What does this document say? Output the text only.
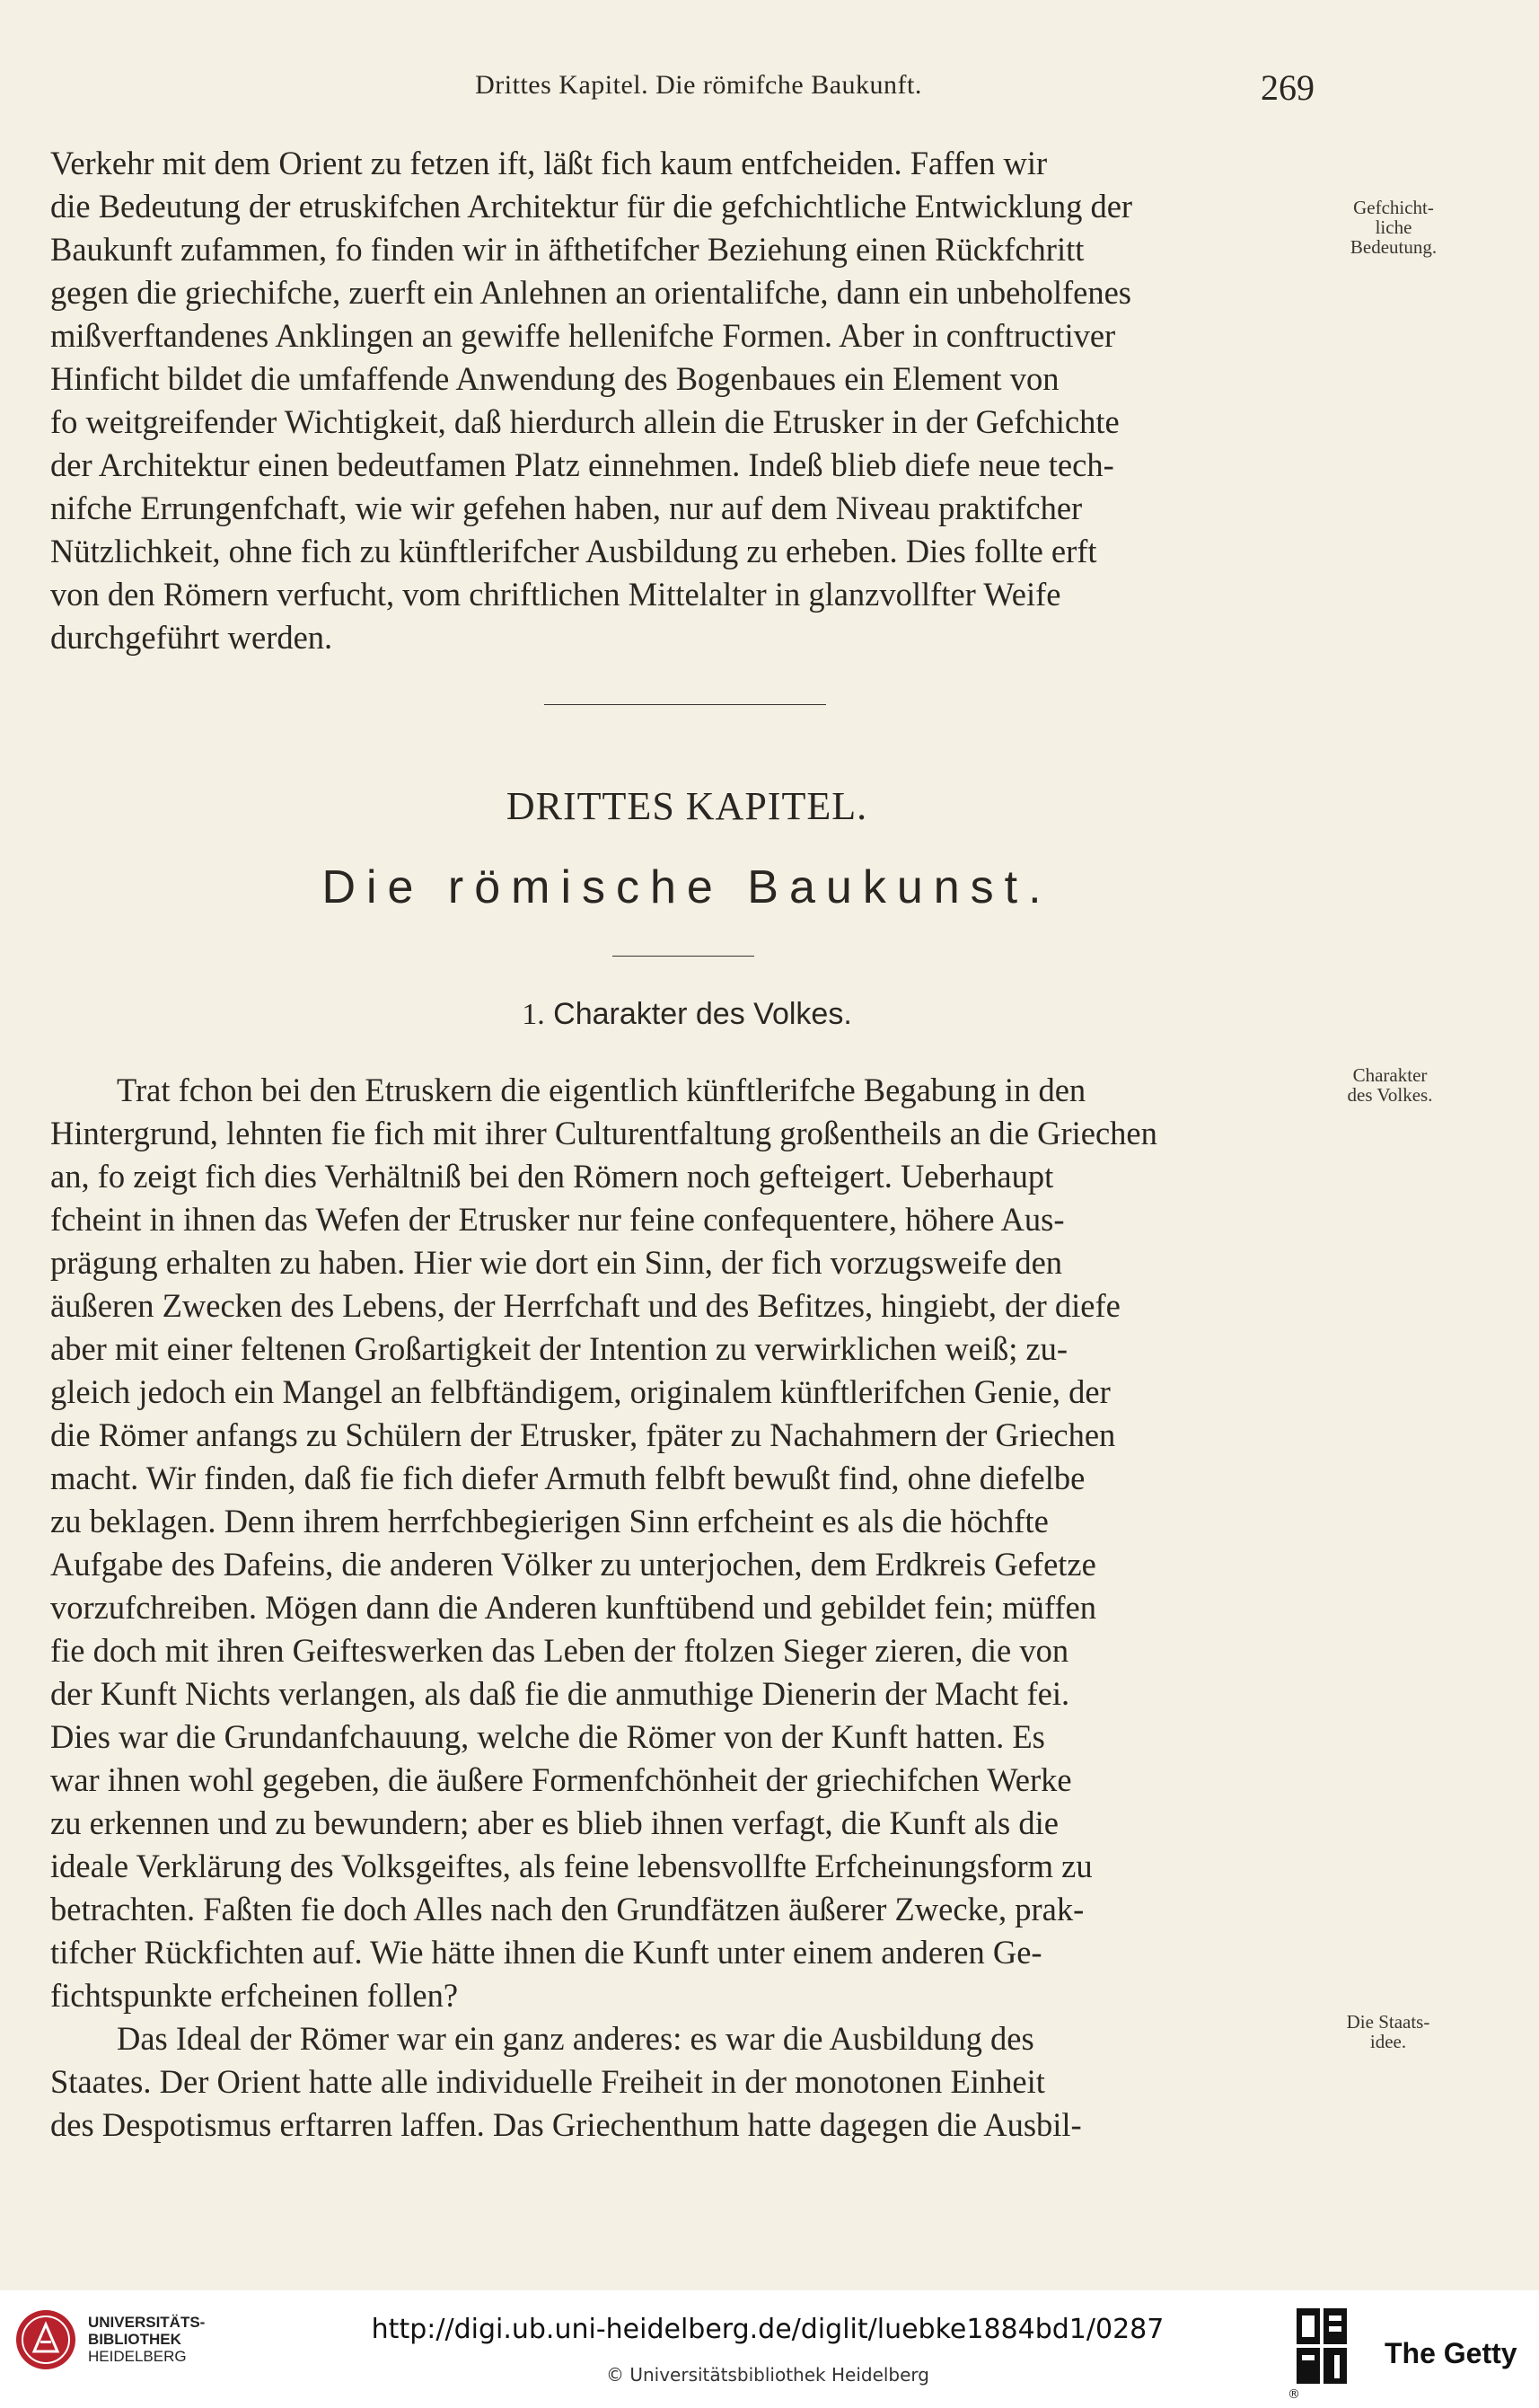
Drittes Kapitel. Die römifche Baukunft.	269
Verkehr mit dem Orient zu fetzen ift, läßt fich kaum entfcheiden. Faffen wir
die Bedeutung der etruskifchen Architektur für die gefchichtliche Entwicklung der
Baukunft zufammen, fo finden wir in äfthetifcher Beziehung einen Rückfchritt
gegen die griechifche, zuerft ein Anlehnen an orientalifche, dann ein unbeholfenes
mißverftandenes Anklingen an gewiffe hellenifche Formen. Aber in conftructiver
Hinficht bildet die umfaffende Anwendung des Bogenbaues ein Element von
fo weitgreifender Wichtigkeit, daß hierdurch allein die Etrusker in der Gefchichte
der Architektur einen bedeutfamen Platz einnehmen. Indeß blieb diefe neue tech-
nifche Errungenfchaft, wie wir gefehen haben, nur auf dem Niveau praktifcher
Nützlichkeit, ohne fich zu künftlerifcher Ausbildung zu erheben. Dies follte erft
von den Römern verfucht, vom chriftlichen Mittelalter in glanzvollfter Weife
durchgeführt werden.
Gefchicht-
liche
Bedeutung.
DRITTES KAPITEL.
Die römische Baukunst.
1. Charakter des Volkes.
Trat fchon bei den Etruskern die eigentlich künftlerifche Begabung in den
Hintergrund, lehnten fie fich mit ihrer Culturentfaltung großentheils an die Griechen
an, fo zeigt fich dies Verhältniß bei den Römern noch gefteigert. Ueberhaupt
fcheint in ihnen das Wefen der Etrusker nur feine confequentere, höhere Aus-
prägung erhalten zu haben. Hier wie dort ein Sinn, der fich vorzugsweife den
äußeren Zwecken des Lebens, der Herrfchaft und des Befitzes, hingiebt, der diefe
aber mit einer feltenen Großartigkeit der Intention zu verwirklichen weiß; zu-
gleich jedoch ein Mangel an felbftändigem, originalem künftlerifchen Genie, der
die Römer anfangs zu Schülern der Etrusker, fpäter zu Nachahmern der Griechen
macht. Wir finden, daß fie fich diefer Armuth felbft bewußt find, ohne diefelbe
zu beklagen. Denn ihrem herrfchbegierigen Sinn erfcheint es als die höchfte
Aufgabe des Dafeins, die anderen Völker zu unterjochen, dem Erdkreis Gefetze
vorzufchreiben. Mögen dann die Anderen kunftübend und gebildet fein; müffen
fie doch mit ihren Geifteswerken das Leben der ftolzen Sieger zieren, die von
der Kunft Nichts verlangen, als daß fie die anmuthige Dienerin der Macht fei.
Dies war die Grundanfchauung, welche die Römer von der Kunft hatten. Es
war ihnen wohl gegeben, die äußere Formenfchönheit der griechifchen Werke
zu erkennen und zu bewundern; aber es blieb ihnen verfagt, die Kunft als die
ideale Verklärung des Volksgeiftes, als feine lebensvollfte Erfcheinungsform zu
betrachten. Faßten fie doch Alles nach den Grundfätzen äußerer Zwecke, prak-
tifcher Rückfichten auf. Wie hätte ihnen die Kunft unter einem anderen Ge-
fichtspunkte erfcheinen follen?
Charakter
des Volkes.
Das Ideal der Römer war ein ganz anderes: es war die Ausbildung des
Staates. Der Orient hatte alle individuelle Freiheit in der monotonen Einheit
des Despotismus erftarren laffen. Das Griechenthum hatte dagegen die Ausbil-
Die Staats-
idee.
UNIVERSITÄTS-
BIBLIOTHEK
HEIDELBERG
http://digi.ub.uni-heidelberg.de/diglit/luebke1884bd1/0287
© Universitätsbibliothek Heidelberg
The Getty
®
